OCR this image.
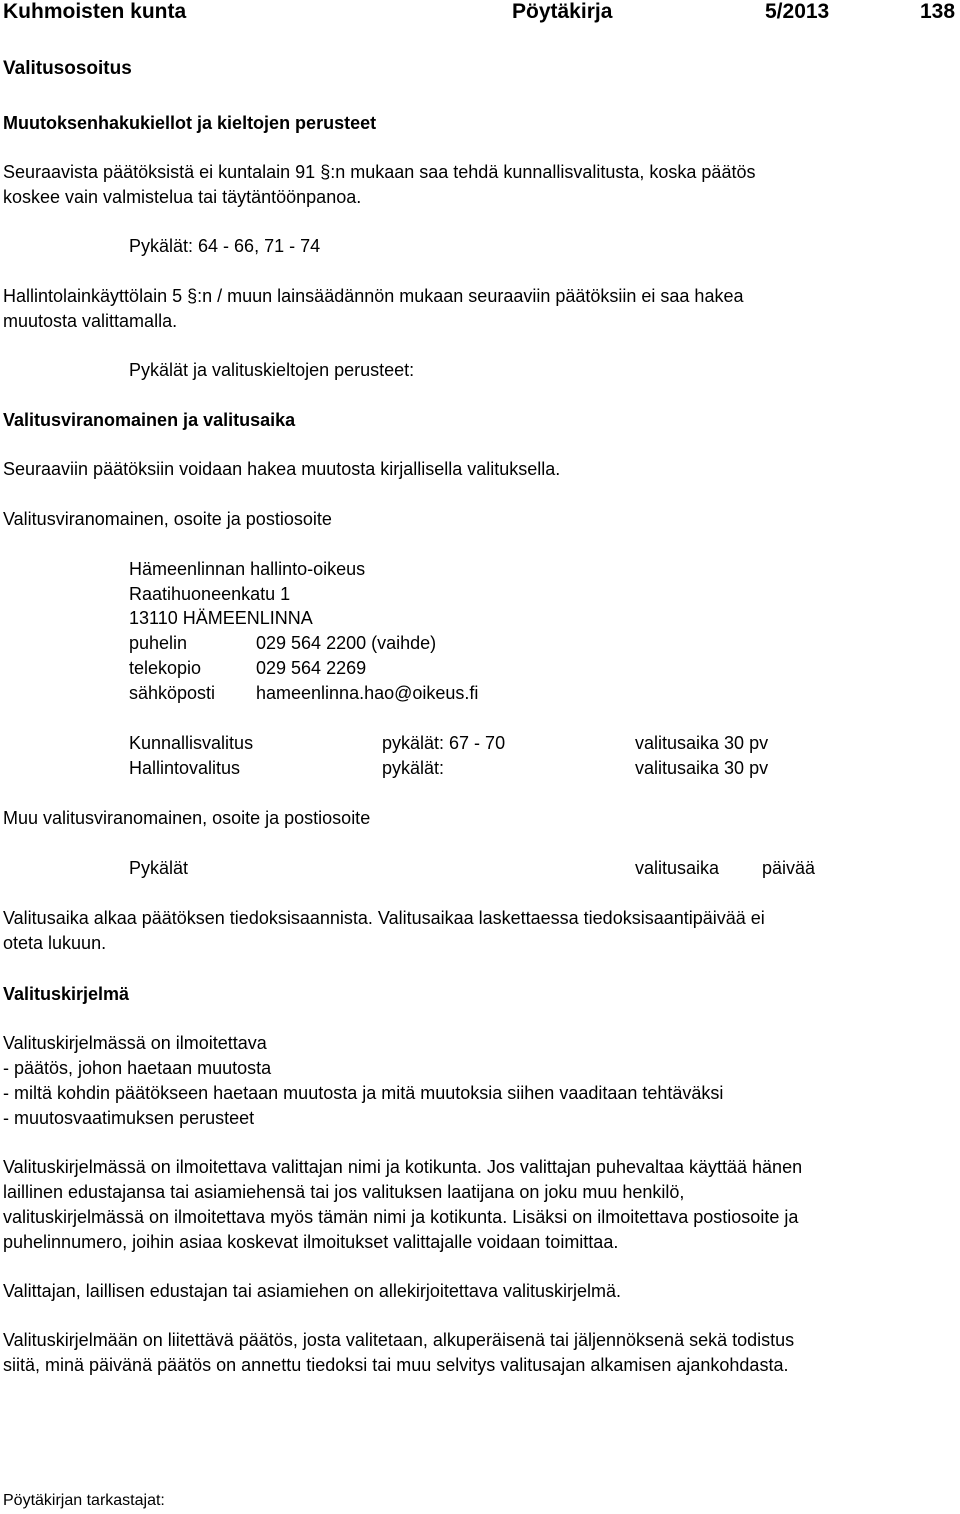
Kuhmoisten kunta	Pöytäkirja	5/2013	138
Valitusosoitus
Muutoksenhakukiellot ja kieltojen perusteet
Seuraavista päätöksistä ei kuntalain 91 §:n mukaan saa tehdä kunnallisvalitusta, koska päätös
koskee vain valmistelua tai täytäntöönpanoa.
Pykälät: 64 - 66, 71 - 74
Hallintolainkäyttölain 5 §:n / muun lainsäädännön mukaan seuraaviin päätöksiin ei saa hakea
muutosta valittamalla.
Pykälät ja valituskieltojen perusteet:
Valitusviranomainen ja valitusaika
Seuraaviin päätöksiin voidaan hakea muutosta kirjallisella valituksella.
Valitusviranomainen, osoite ja postiosoite
Hämeenlinnan hallinto-oikeus
Raatihuoneenkatu 1
13110 HÄMEENLINNA
puhelin	029 564 2200 (vaihde)
telekopio	029 564 2269
sähköposti hameenlinna.hao@oikeus.fi
Kunnallisvalitus	pykälät: 67 - 70	valitusaika 30 pv
Hallintovalitus	pykälät:	valitusaika 30 pv
Muu valitusviranomainen, osoite ja postiosoite
Pykälät	valitusaika päivää
Valitusaika alkaa päätöksen tiedoksisaannista. Valitusaikaa laskettaessa tiedoksisaantipäivää ei
oteta lukuun.
Valituskirjelmä
Valituskirjelmässä on ilmoitettava
- päätös, johon haetaan muutosta
- miltä kohdin päätökseen haetaan muutosta ja mitä muutoksia siihen vaaditaan tehtäväksi
- muutosvaatimuksen perusteet
Valituskirjelmässä on ilmoitettava valittajan nimi ja kotikunta. Jos valittajan puhevaltaa käyttää hänen
laillinen edustajansa tai asiamiehensä tai jos valituksen laatijana on joku muu henkilö,
valituskirjelmässä on ilmoitettava myös tämän nimi ja kotikunta. Lisäksi on ilmoitettava postiosoite ja
puhelinnumero, joihin asiaa koskevat ilmoitukset valittajalle voidaan toimittaa.
Valittajan, laillisen edustajan tai asiamiehen on allekirjoitettava valituskirjelmä.
Valituskirjelmään on liitettävä päätös, josta valitetaan, alkuperäisenä tai jäljennöksenä sekä todistus
siitä, minä päivänä päätös on annettu tiedoksi tai muu selvitys valitusajan alkamisen ajankohdasta.
Pöytäkirjan tarkastajat:
